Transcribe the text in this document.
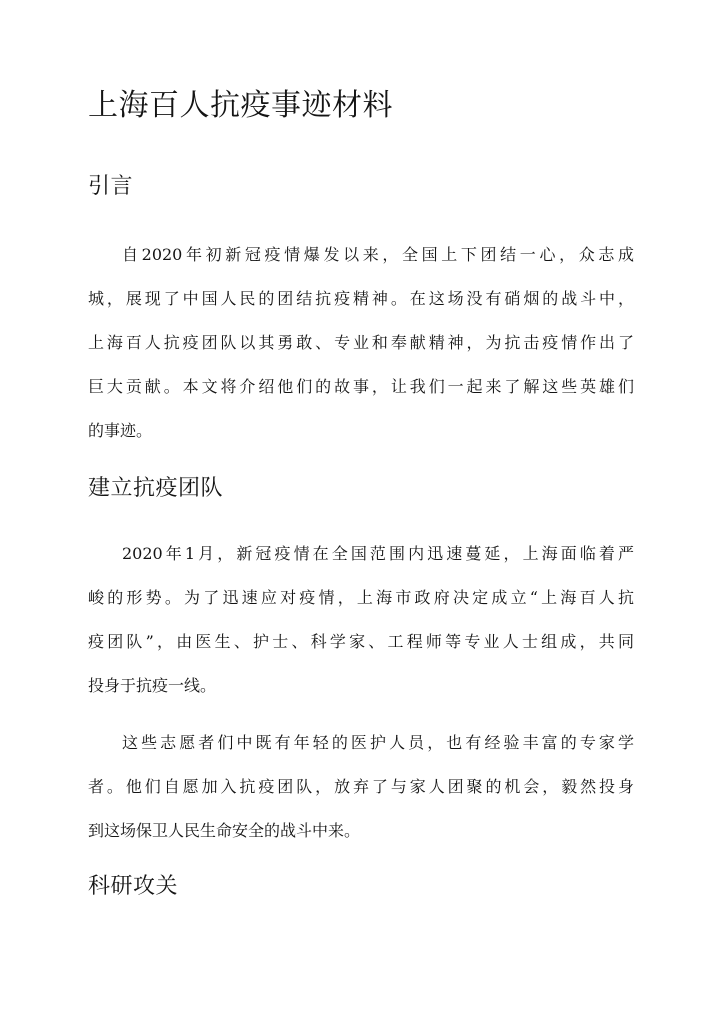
上海百人抗疫事迹材料
引言
自2020年初新冠疫情爆发以来，全国上下团结一心，众志成
城，展现了中国人民的团结抗疫精神。在这场没有硝烟的战斗中，
上海百人抗疫团队以其勇敢、专业和奉献精神，为抗击疫情作出了
巨大贡献。本文将介绍他们的故事，让我们一起来了解这些英雄们
的事迹。
建立抗疫团队
2020年1月，新冠疫情在全国范围内迅速蔓延，上海面临着严
峻的形势。为了迅速应对疫情，上海市政府决定成立“上海百人抗
疫团队”，由医生、护士、科学家、工程师等专业人士组成，共同
投身于抗疫一线。
这些志愿者们中既有年轻的医护人员，也有经验丰富的专家学
者。他们自愿加入抗疫团队，放弃了与家人团聚的机会，毅然投身
到这场保卫人民生命安全的战斗中来。
科研攻关
